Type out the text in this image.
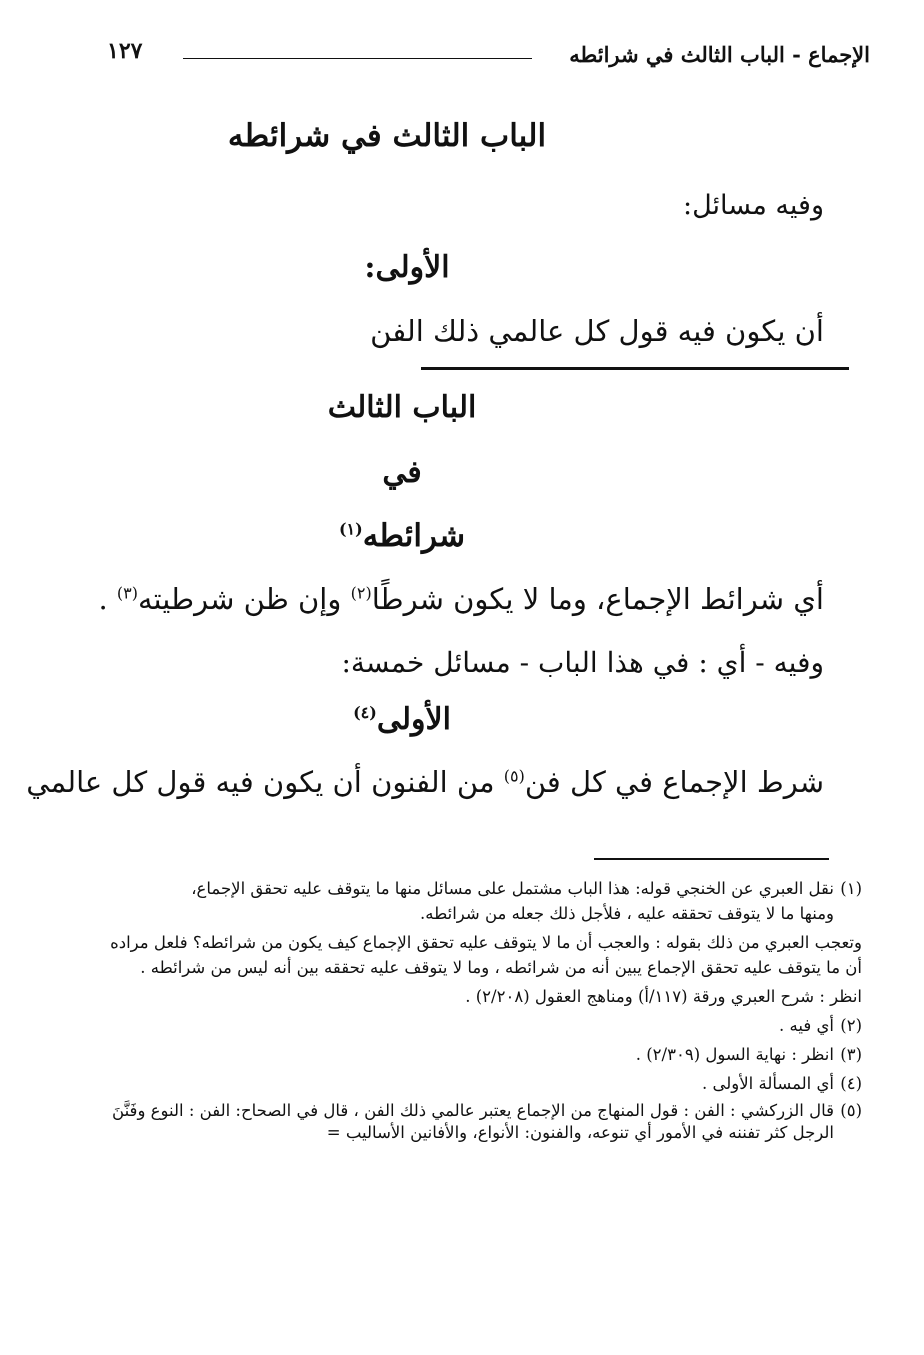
الإجماع - الباب الثالث في شرائطه
١٢٧
الباب الثالث في شرائطه
وفيه مسائل:
الأولى:
أن يكون فيه قول كل عالمي ذلك الفن
الباب الثالث
في
شرائطه$^{(١)}$
أي شرائط الإجماع، وما لا يكون شرطًا$^{(٢)}$ وإن ظن شرطيته$^{(٣)}$ .
وفيه - أي : في هذا الباب - مسائل خمسة:
الأولى$^{(٤)}$
شرط الإجماع في كل فن$^{(٥)}$ من الفنون أن يكون فيه قول كل عالمي
(١)
نقل العبري عن الخنجي قوله: هذا الباب مشتمل على مسائل منها ما يتوقف عليه تحقق الإجماع،
ومنها ما لا يتوقف تحققه عليه ، فلأجل ذلك جعله من شرائطه.
وتعجب العبري من ذلك بقوله : والعجب أن ما لا يتوقف عليه تحقق الإجماع كيف يكون من شرائطه؟ فلعل مراده أن ما يتوقف عليه تحقق الإجماع يبين أنه من شرائطه ، وما لا يتوقف عليه تحققه بين أنه ليس من شرائطه .
انظر : شرح العبري ورقة (١١٧/أ) ومناهج العقول (٢/٢٠٨) .
(٢)
أي فيه .
(٣)
انظر : نهاية السول (٢/٣٠٩) .
(٤)
أي المسألة الأولى .
(٥)
قال الزركشي : الفن : قول المنهاج من الإجماع يعتبر عالمي ذلك الفن ، قال في الصحاح: الفن : النوع وفَنَّنَ الرجل كثر تفننه في الأمور أي تنوعه، والفنون: الأنواع، والأفانين الأساليب =
